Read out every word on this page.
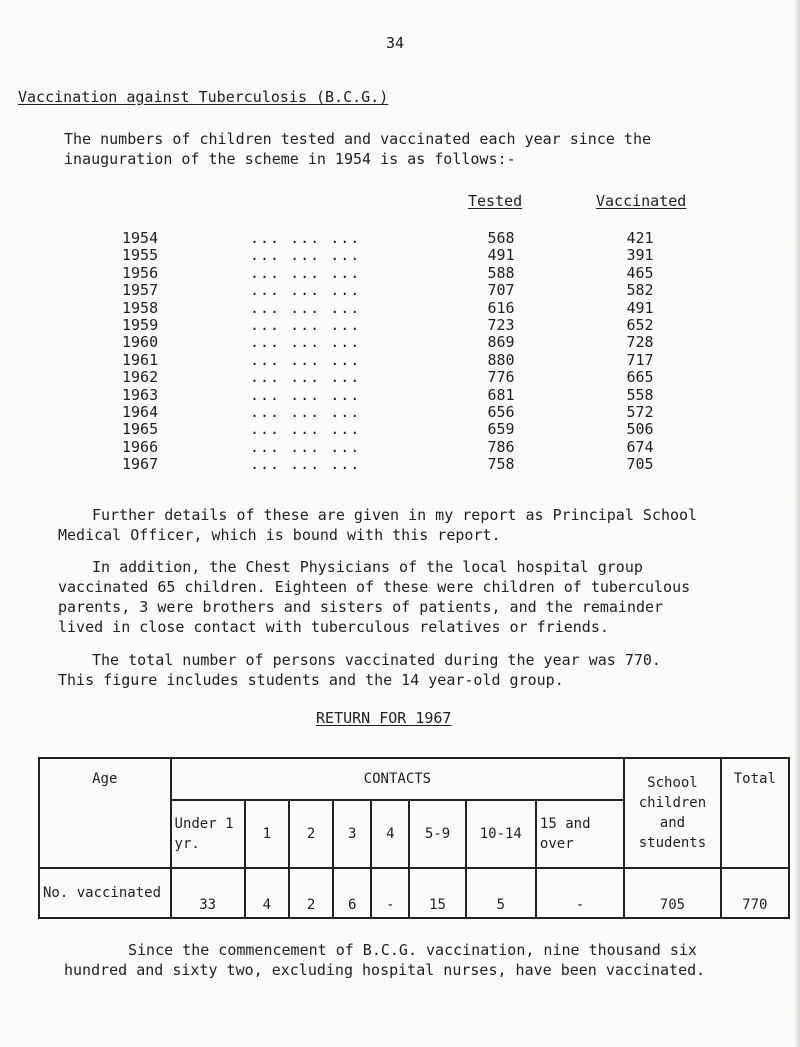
34
Vaccination against Tuberculosis (B.C.G.)
The numbers of children tested and vaccinated each year since the
inauguration of the scheme in 1954 is as follows:-
Tested	Vaccinated
1954	... ... ...	568	421
1955	... ... ...	491	391
1956	... ... ...	588	465
1957	... ... ...	707	582
1958	... ... ...	616	491
1959	... ... ...	723	652
1960	... ... ...	869	728
1961	... ... ...	880	717
1962	... ... ...	776	665
1963	... ... ...	681	558
1964	... ... ...	656	572
1965	... ... ...	659	506
1966	... ... ...	786	674
1967	... ... ...	758	705
Further details of these are given in my report as Principal School
Medical Officer, which is bound with this report.
In addition, the Chest Physicians of the local hospital group
vaccinated 65 children. Eighteen of these were children of tuberculous
parents, 3 were brothers and sisters of patients, and the remainder
lived in close contact with tuberculous relatives or friends.
The total number of persons vaccinated during the year was 770.
This figure includes students and the 14 year-old group.
RETURN FOR 1967
Age	CONTACTS								School children and students	Total
	Under 1 yr.	1	2	3	4	5-9	10-14	15 and over		
No. vaccinated	33	4	2	6	-	15	5	-	705	770
Since the commencement of B.C.G. vaccination, nine thousand six
hundred and sixty two, excluding hospital nurses, have been vaccinated.
